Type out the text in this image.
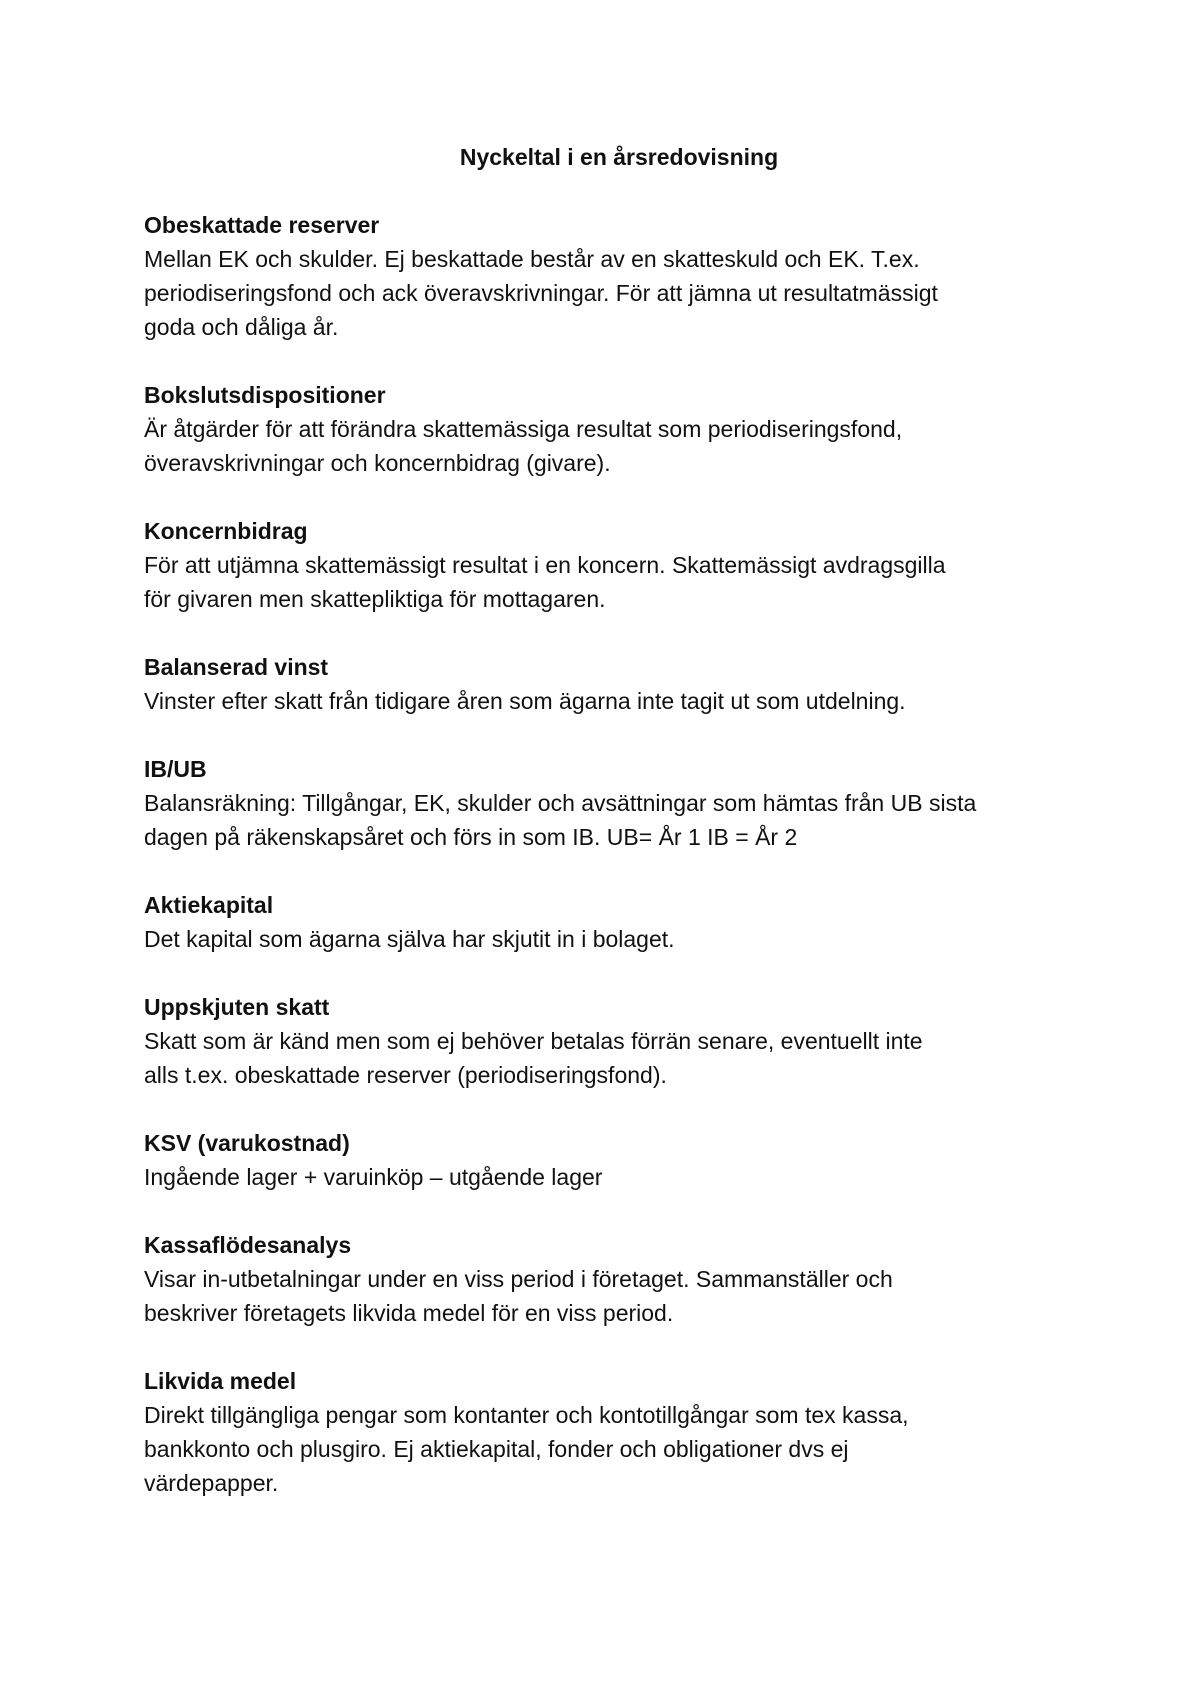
Nyckeltal i en årsredovisning

Obeskattade reserver

Mellan EK och skulder. Ej beskattade består av en skatteskuld och EK. T.ex.
periodiseringsfond och ack överavskrivningar. För att jämna ut resultatmässigt
goda och dåliga år.

Bokslutsdispositioner

Är åtgärder för att förändra skattemässiga resultat som periodiseringsfond,
överavskrivningar och koncernbidrag (givare).

Koncernbidrag

För att utjämna skattemässigt resultat i en koncern. Skattemässigt avdragsgilla
för givaren men skattepliktiga för mottagaren.

Balanserad vinst

Vinster efter skatt från tidigare åren som ägarna inte tagit ut som utdelning.

IB/UB

Balansräkning: Tillgångar, EK, skulder och avsättningar som hämtas från UB sista
dagen på räkenskapsåret och förs in som IB. UB= År 1 IB = År 2

Aktiekapital

Det kapital som ägarna själva har skjutit in i bolaget.

Uppskjuten skatt

Skatt som är känd men som ej behöver betalas förrän senare, eventuellt inte
alls t.ex. obeskattade reserver (periodiseringsfond).

KSV (varukostnad)

Ingående lager + varuinköp – utgående lager

Kassaflödesanalys

Visar in-utbetalningar under en viss period i företaget. Sammanställer och
beskriver företagets likvida medel för en viss period.

Likvida medel

Direkt tillgängliga pengar som kontanter och kontotillgångar som tex kassa,
bankkonto och plusgiro. Ej aktiekapital, fonder och obligationer dvs ej
värdepapper.
